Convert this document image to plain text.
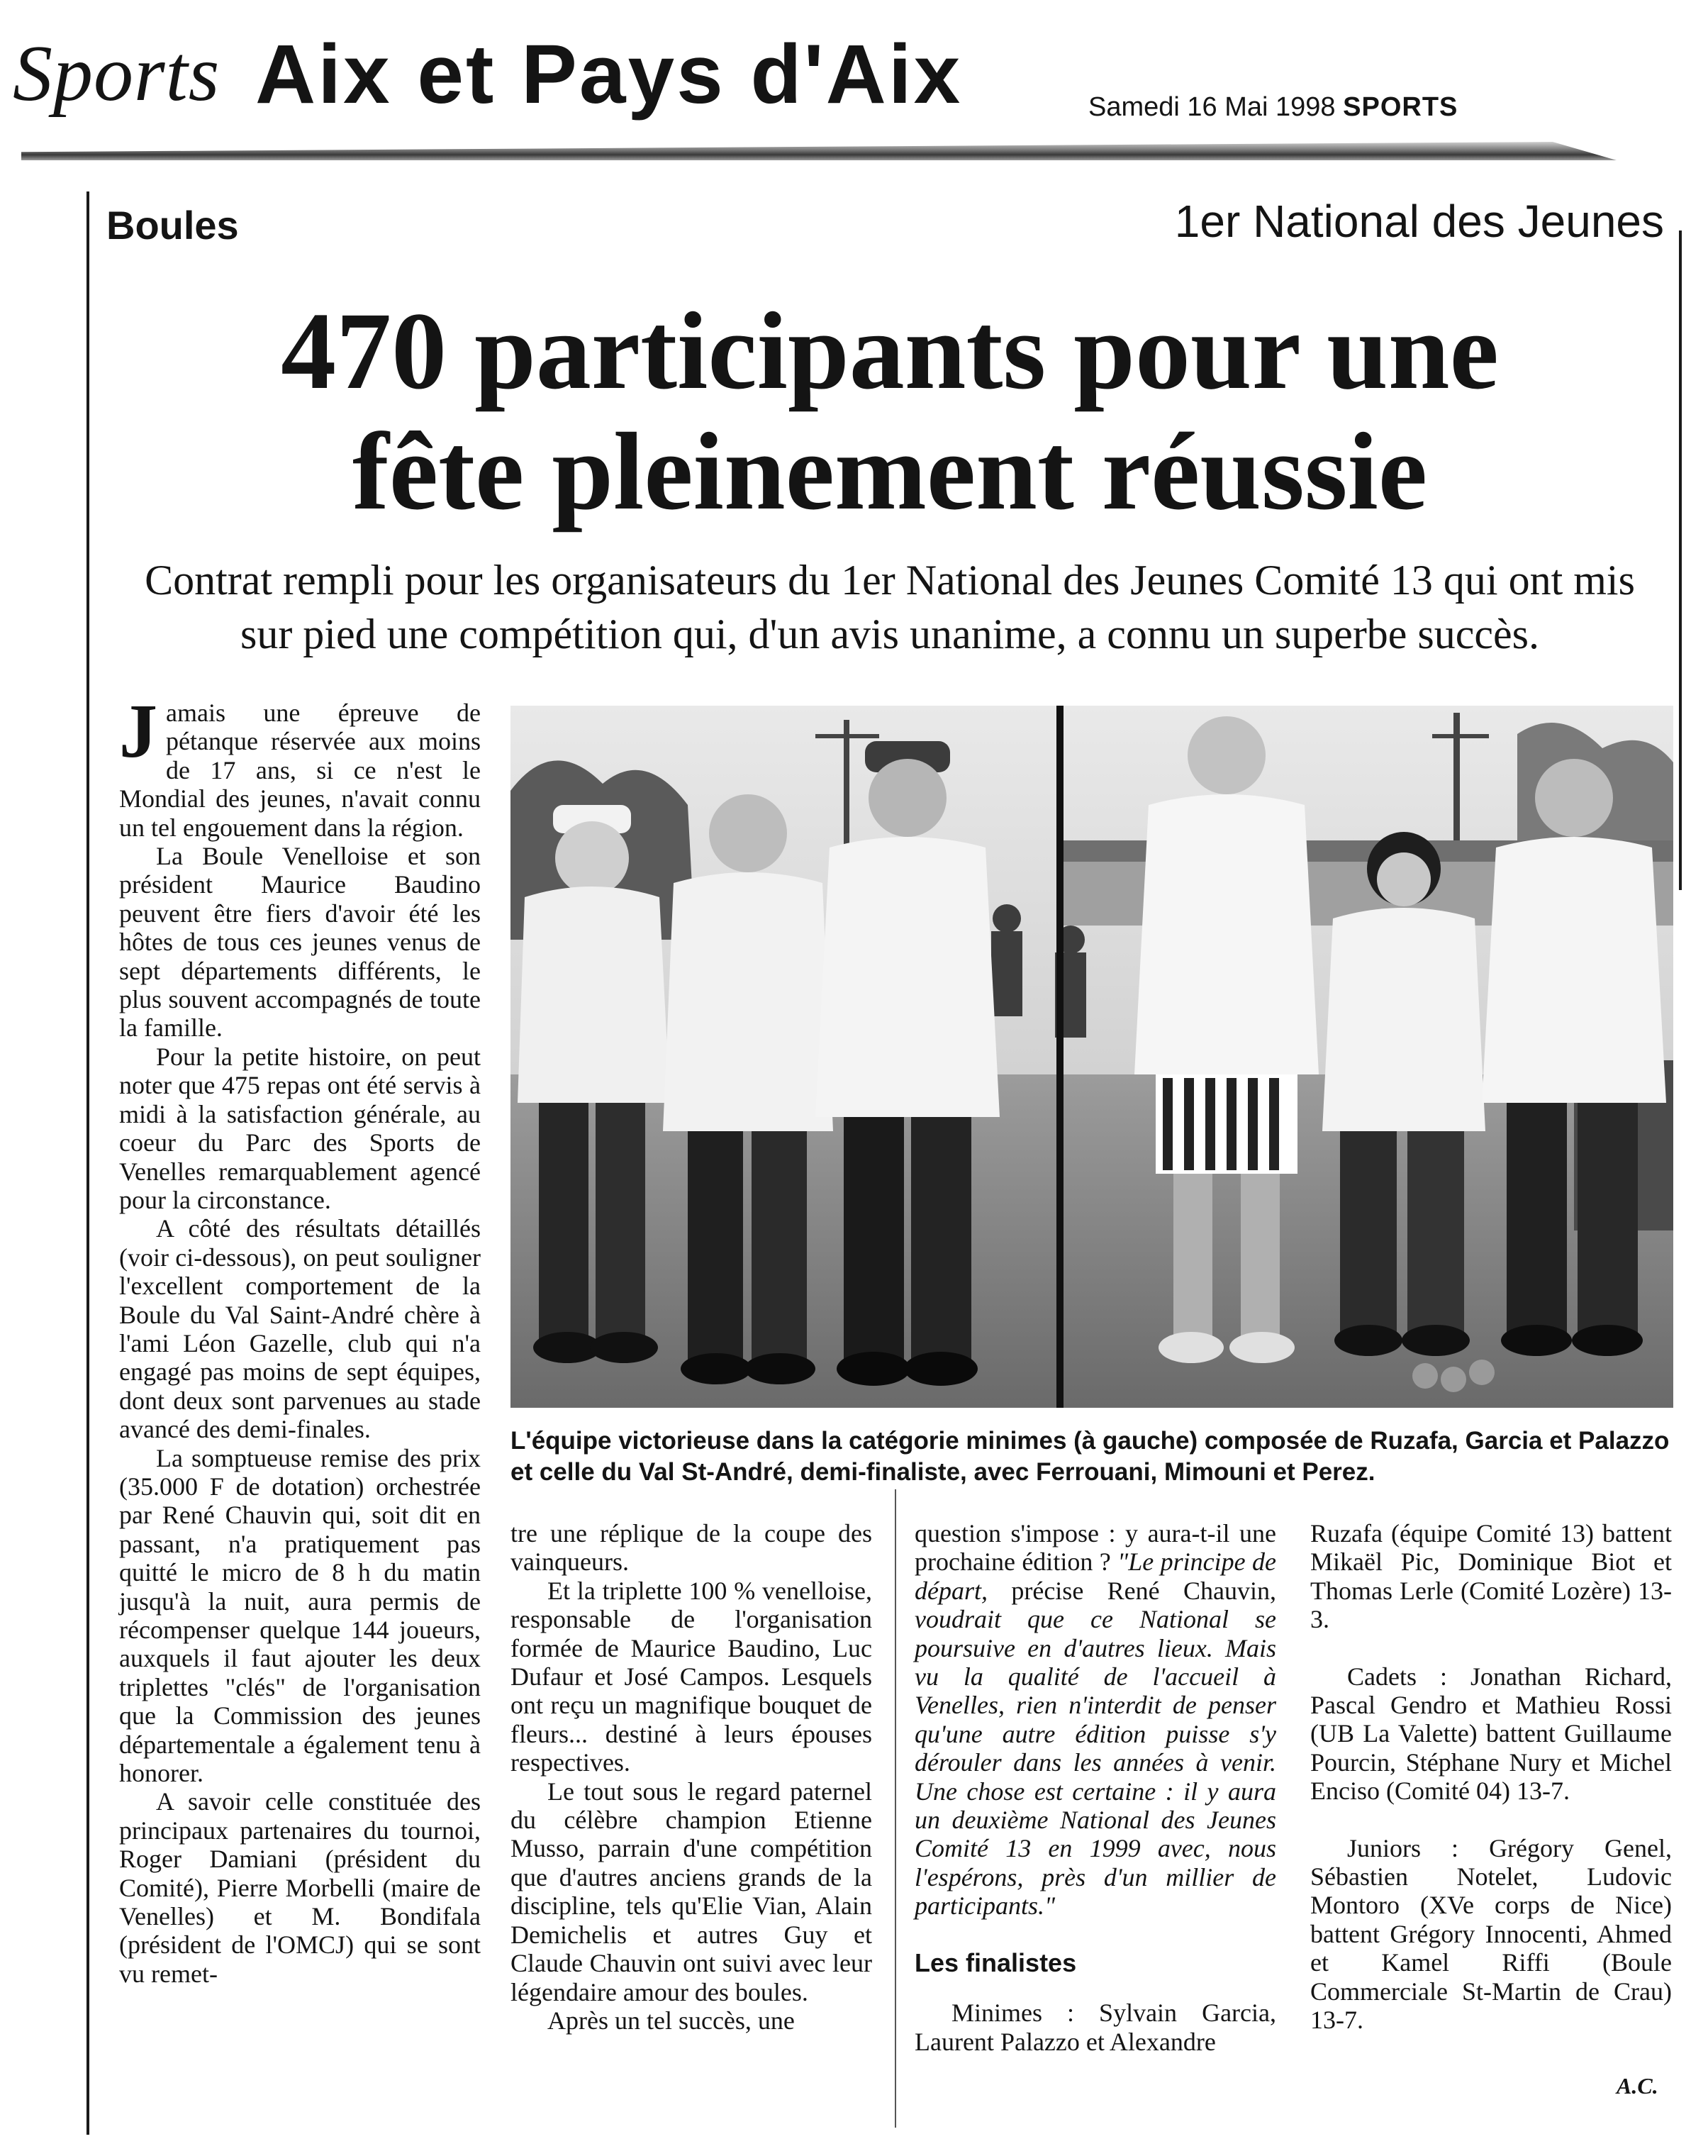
Sports Aix et Pays d'Aix	Samedi 16 Mai 1998 SPORTS
Boules	1er National des Jeunes
470 participants pour une
fête pleinement réussie
Contrat rempli pour les organisateurs du 1er National des Jeunes Comité 13 qui ont mis
sur pied une compétition qui, d'un avis unanime, a connu un superbe succès.

Jamais une épreuve de pétanque réservée aux moins de 17 ans, si ce n'est le Mondial des jeunes, n'avait connu un tel engouement dans la région.

La Boule Venelloise et son président Maurice Baudino peuvent être fiers d'avoir été les hôtes de tous ces jeunes venus de sept départements différents, le plus souvent accompagnés de toute la famille.

Pour la petite histoire, on peut noter que 475 repas ont été servis à midi à la satisfaction générale, au coeur du Parc des Sports de Venelles remarquablement agencé pour la circonstance.

A côté des résultats détaillés (voir ci-dessous), on peut souligner l'excellent comportement de la Boule du Val Saint-André chère à l'ami Léon Gazelle, club qui n'a engagé pas moins de sept équipes, dont deux sont parvenues au stade avancé des demi-finales.

La somptueuse remise des prix (35.000 F de dotation) orchestrée par René Chauvin qui, soit dit en passant, n'a pratiquement pas quitté le micro de 8 h du matin jusqu'à la nuit, aura permis de récompenser quelque 144 joueurs, auxquels il faut ajouter les deux triplettes "clés" de l'organisation que la Commission des jeunes départementale a également tenu à honorer.

A savoir celle constituée des principaux partenaires du tournoi, Roger Damiani (président du Comité), Pierre Morbelli (maire de Venelles) et M. Bondifala (président de l'OMCJ) qui se sont vu remet-

L'équipe victorieuse dans la catégorie minimes (à gauche) composée de Ruzafa, Garcia et Palazzo et celle du Val St-André, demi-finaliste, avec Ferrouani, Mimouni et Perez.

tre une réplique de la coupe des vainqueurs.

Et la triplette 100 % venelloise, responsable de l'organisation formée de Maurice Baudino, Luc Dufaur et José Campos. Lesquels ont reçu un magnifique bouquet de fleurs... destiné à leurs épouses respectives.

Le tout sous le regard paternel du célèbre champion Etienne Musso, parrain d'une compétition que d'autres anciens grands de la discipline, tels qu'Elie Vian, Alain Demichelis et autres Guy et Claude Chauvin ont suivi avec leur légendaire amour des boules.

Après un tel succès, une

question s'impose : y aura-t-il une prochaine édition ? "Le principe de départ, précise René Chauvin, voudrait que ce National se poursuive en d'autres lieux. Mais vu la qualité de l'accueil à Venelles, rien n'interdit de penser qu'une autre édition puisse s'y dérouler dans les années à venir. Une chose est certaine : il y aura un deuxième National des Jeunes Comité 13 en 1999 avec, nous l'espérons, près d'un millier de participants."

Les finalistes

Minimes : Sylvain Garcia, Laurent Palazzo et Alexandre

Ruzafa (équipe Comité 13) battent Mikaël Pic, Dominique Biot et Thomas Lerle (Comité Lozère) 13-3.

Cadets : Jonathan Richard, Pascal Gendro et Mathieu Rossi (UB La Valette) battent Guillaume Pourcin, Stéphane Nury et Michel Enciso (Comité 04) 13-7.

Juniors : Grégory Genel, Sébastien Notelet, Ludovic Montoro (XVe corps de Nice) battent Grégory Innocenti, Ahmed et Kamel Riffi (Boule Commerciale St-Martin de Crau) 13-7.

A.C.
